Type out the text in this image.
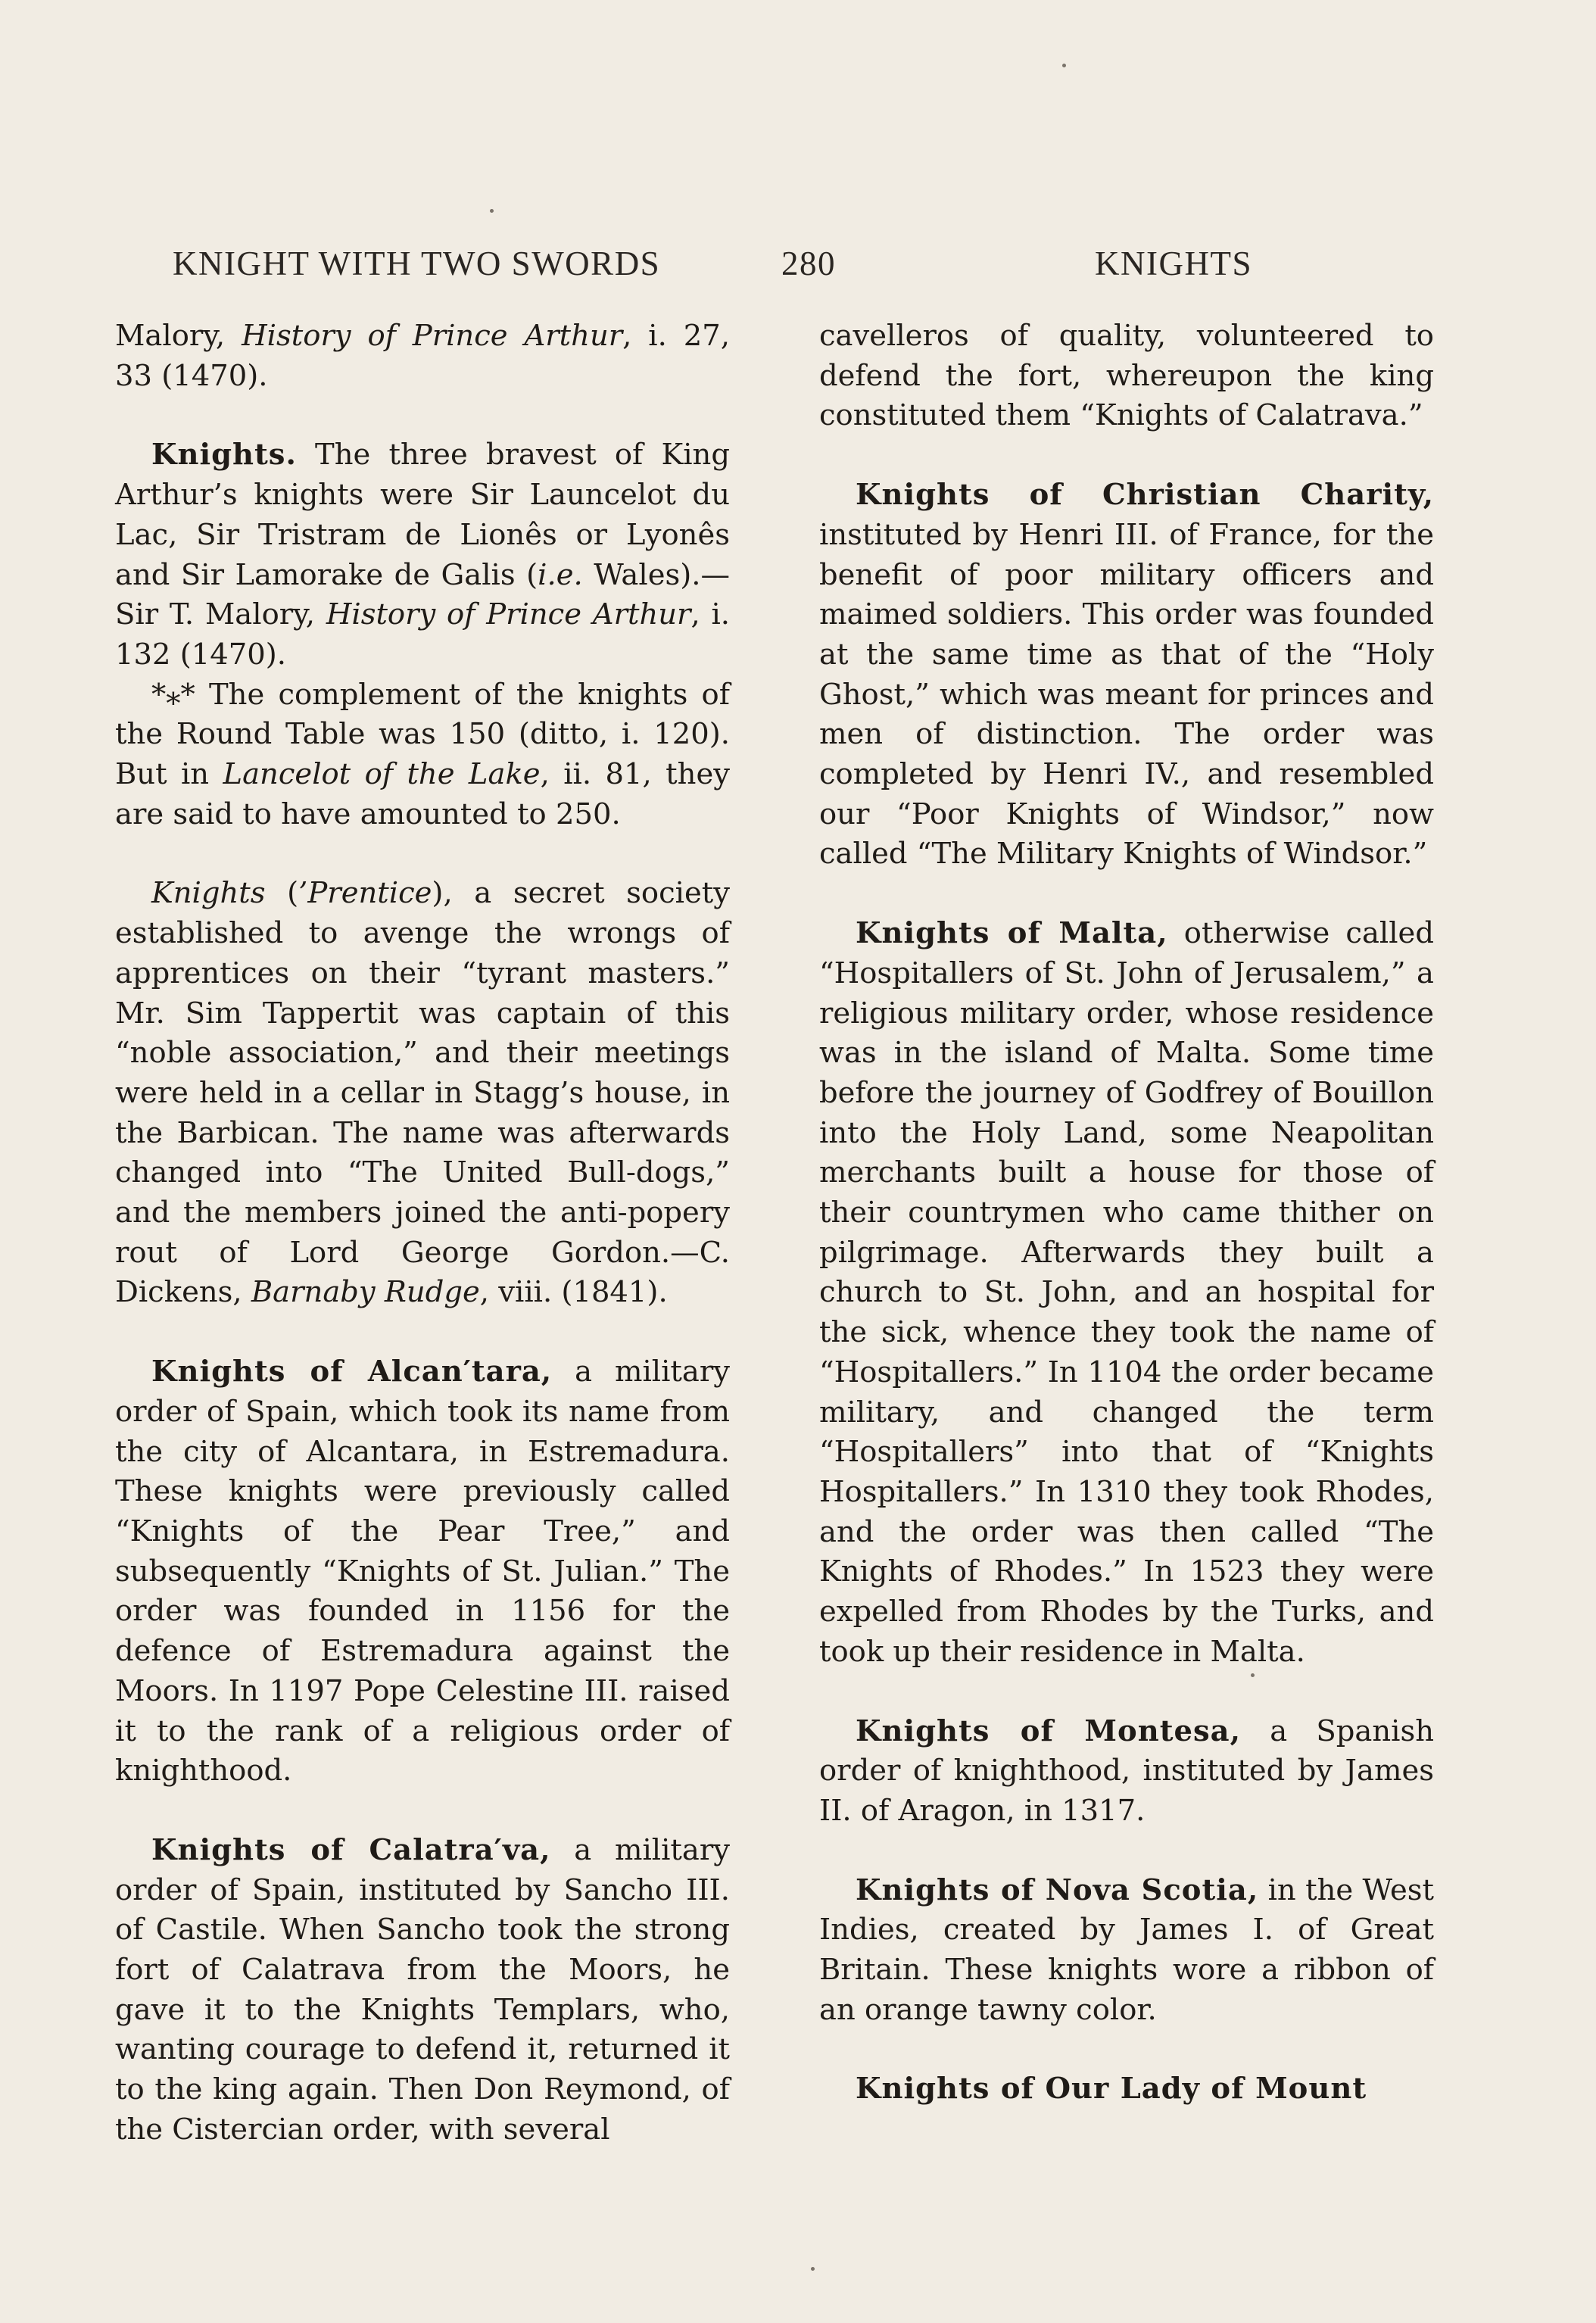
KNIGHT WITH TWO SWORDS	280	KNIGHTS

Malory, History of Prince Arthur, i. 27, 33 (1470).

Knights. The three bravest of King Arthur’s knights were Sir Launcelot du Lac, Sir Tristram de Lionês or Lyonês and Sir Lamorake de Galis (i.e. Wales).—Sir T. Malory, History of Prince Arthur, i. 132 (1470).

*⁎* The complement of the knights of the Round Table was 150 (ditto, i. 120). But in Lancelot of the Lake, ii. 81, they are said to have amounted to 250.

Knights (’Prentice), a secret society established to avenge the wrongs of apprentices on their “tyrant masters.” Mr. Sim Tappertit was captain of this “noble association,” and their meetings were held in a cellar in Stagg’s house, in the Barbican. The name was afterwards changed into “The United Bull-dogs,” and the members joined the anti-popery rout of Lord George Gordon.—C. Dickens, Barnaby Rudge, viii. (1841).

Knights of Alcan′tara, a military order of Spain, which took its name from the city of Alcantara, in Estremadura. These knights were previously called “Knights of the Pear Tree,” and subsequently “Knights of St. Julian.” The order was founded in 1156 for the defence of Estremadura against the Moors. In 1197 Pope Celestine III. raised it to the rank of a religious order of knighthood.

Knights of Calatra′va, a military order of Spain, instituted by Sancho III. of Castile. When Sancho took the strong fort of Calatrava from the Moors, he gave it to the Knights Templars, who, wanting courage to defend it, returned it to the king again. Then Don Reymond, of the Cistercian order, with several

cavelleros of quality, volunteered to defend the fort, whereupon the king constituted them “Knights of Calatrava.”

Knights of Christian Charity, instituted by Henri III. of France, for the benefit of poor military officers and maimed soldiers. This order was founded at the same time as that of the “Holy Ghost,” which was meant for princes and men of distinction. The order was completed by Henri IV., and resembled our “Poor Knights of Windsor,” now called “The Military Knights of Windsor.”

Knights of Malta, otherwise called “Hospitallers of St. John of Jerusalem,” a religious military order, whose residence was in the island of Malta. Some time before the journey of Godfrey of Bouillon into the Holy Land, some Neapolitan merchants built a house for those of their countrymen who came thither on pilgrimage. Afterwards they built a church to St. John, and an hospital for the sick, whence they took the name of “Hospitallers.” In 1104 the order became military, and changed the term “Hospitallers” into that of “Knights Hospitallers.” In 1310 they took Rhodes, and the order was then called “The Knights of Rhodes.” In 1523 they were expelled from Rhodes by the Turks, and took up their residence in Malta.

Knights of Montesa, a Spanish order of knighthood, instituted by James II. of Aragon, in 1317.

Knights of Nova Scotia, in the West Indies, created by James I. of Great Britain. These knights wore a ribbon of an orange tawny color.

Knights of Our Lady of Mount
